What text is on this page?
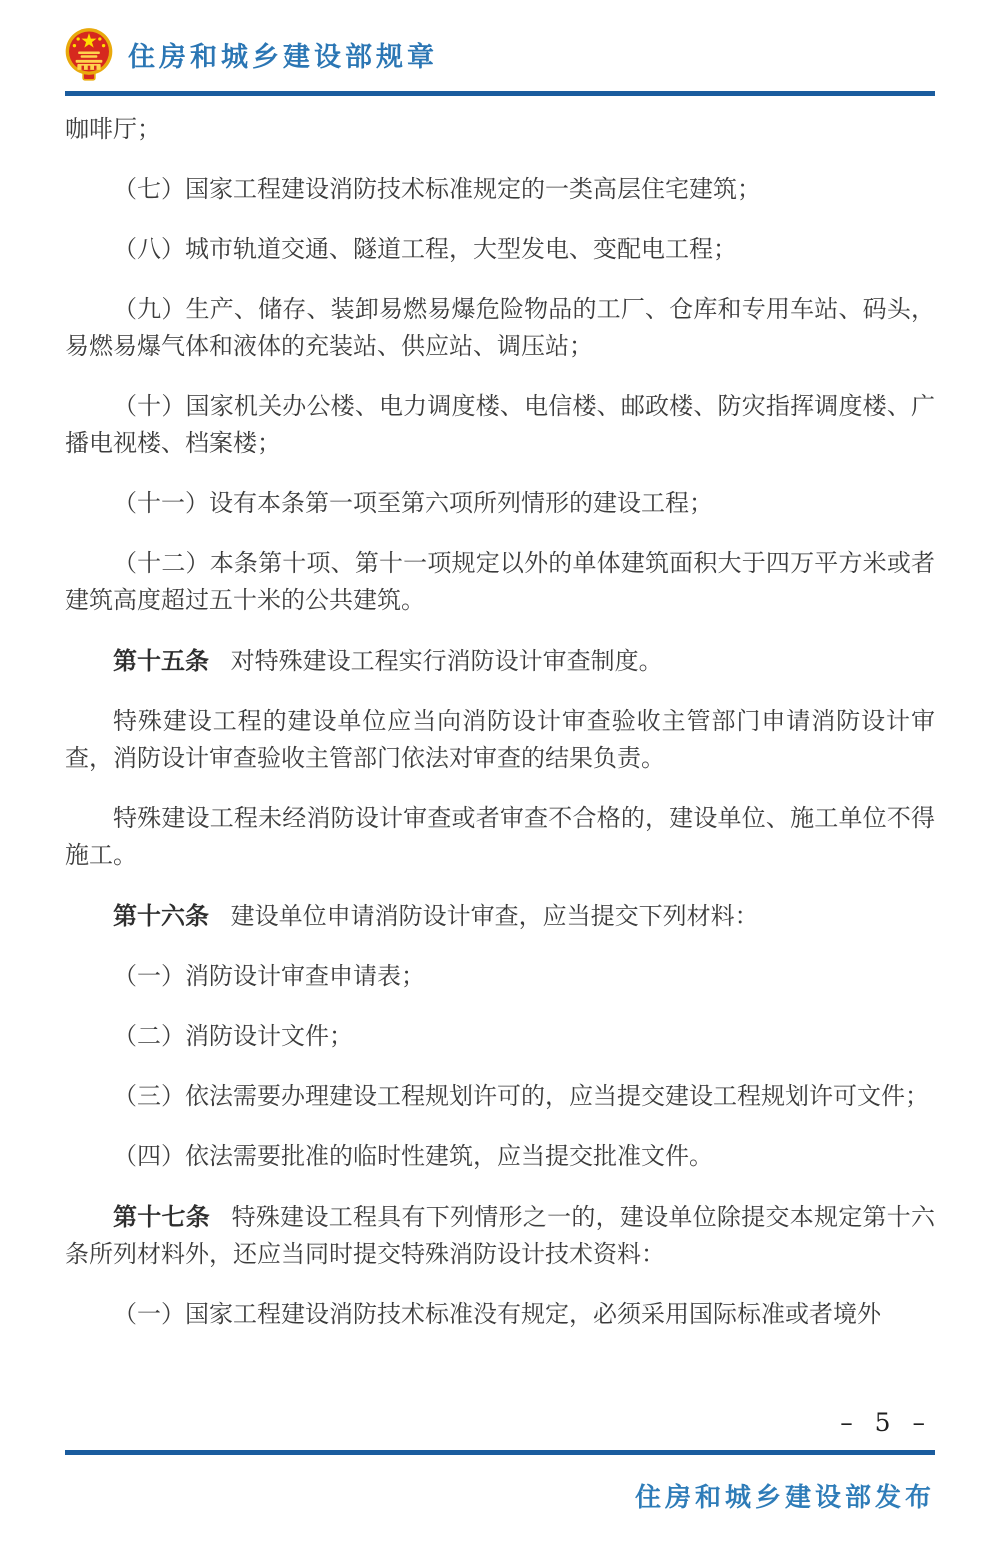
住房和城乡建设部规章

咖啡厅；

（七）国家工程建设消防技术标准规定的一类高层住宅建筑；

（八）城市轨道交通、隧道工程，大型发电、变配电工程；

（九）生产、储存、装卸易燃易爆危险物品的工厂、仓库和专用车站、码头，易燃易爆气体和液体的充装站、供应站、调压站；

（十）国家机关办公楼、电力调度楼、电信楼、邮政楼、防灾指挥调度楼、广播电视楼、档案楼；

（十一）设有本条第一项至第六项所列情形的建设工程；

（十二）本条第十项、第十一项规定以外的单体建筑面积大于四万平方米或者建筑高度超过五十米的公共建筑。

第十五条 对特殊建设工程实行消防设计审查制度。

特殊建设工程的建设单位应当向消防设计审查验收主管部门申请消防设计审查，消防设计审查验收主管部门依法对审查的结果负责。

特殊建设工程未经消防设计审查或者审查不合格的，建设单位、施工单位不得施工。

第十六条 建设单位申请消防设计审查，应当提交下列材料：

（一）消防设计审查申请表；

（二）消防设计文件；

（三）依法需要办理建设工程规划许可的，应当提交建设工程规划许可文件；

（四）依法需要批准的临时性建筑，应当提交批准文件。

第十七条 特殊建设工程具有下列情形之一的，建设单位除提交本规定第十六条所列材料外，还应当同时提交特殊消防设计技术资料：

（一）国家工程建设消防技术标准没有规定，必须采用国际标准或者境外

– 5 –
住房和城乡建设部发布
